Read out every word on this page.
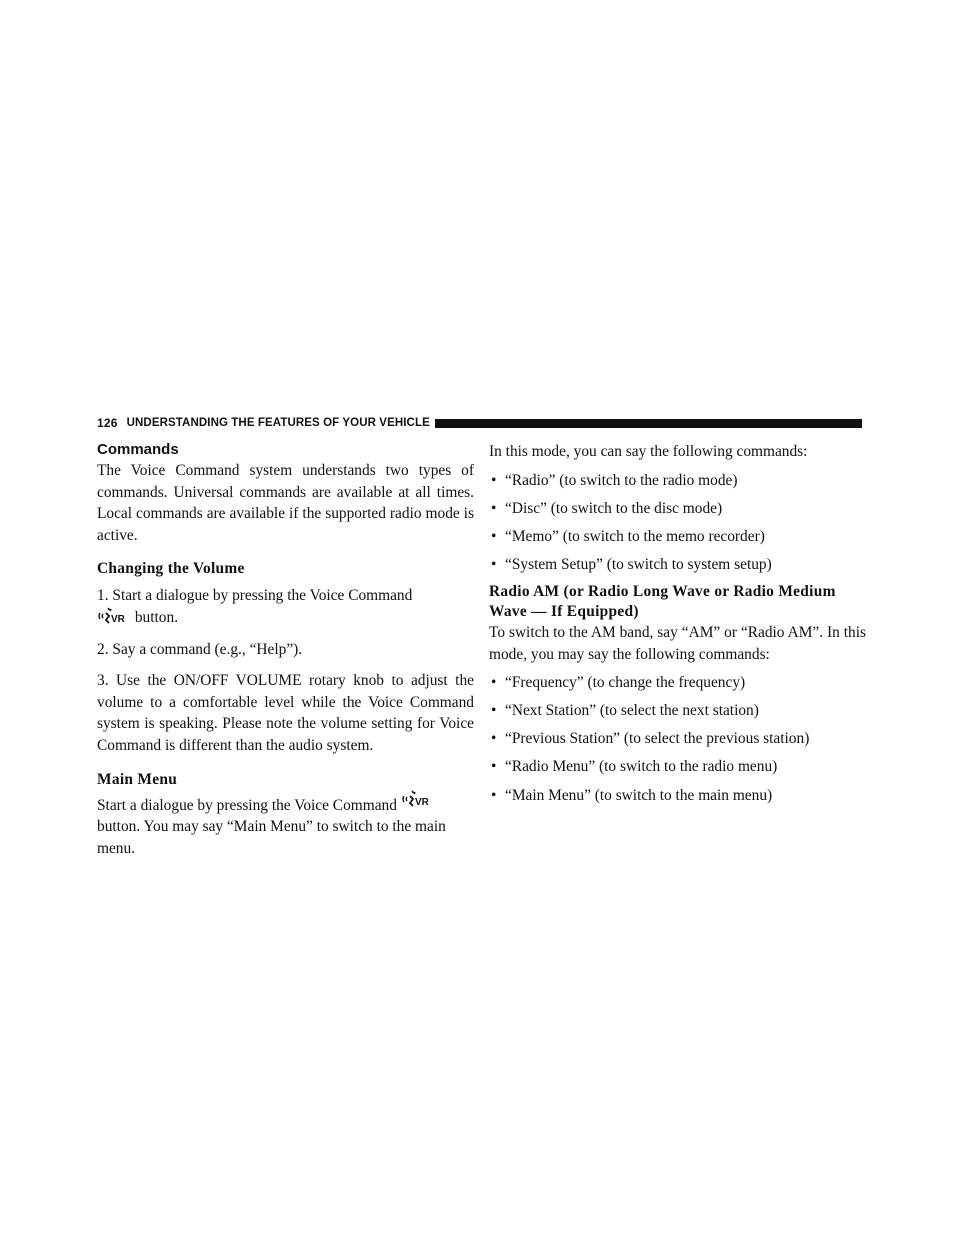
126 UNDERSTANDING THE FEATURES OF YOUR VEHICLE
Commands

The Voice Command system understands two types of commands. Universal commands are available at all times. Local commands are available if the supported radio mode is active.

Changing the Volume
1. Start a dialogue by pressing the Voice Command

VR button.
2. Say a command (e.g., “Help”).
3. Use the ON/OFF VOLUME rotary knob to adjust the volume to a comfortable level while the Voice Command system is speaking. Please note the volume setting for Voice Command is different than the audio system.
Main Menu

Start a dialogue by pressing the Voice Command VR
button. You may say “Main Menu” to switch to the main menu.

In this mode, you can say the following commands:

• “Radio” (to switch to the radio mode)
• “Disc” (to switch to the disc mode)
• “Memo” (to switch to the memo recorder)
• “System Setup” (to switch to system setup)
Radio AM (or Radio Long Wave or Radio Medium Wave — If Equipped)

To switch to the AM band, say “AM” or “Radio AM”. In this mode, you may say the following commands:

• “Frequency” (to change the frequency)
• “Next Station” (to select the next station)
• “Previous Station” (to select the previous station)
• “Radio Menu” (to switch to the radio menu)
• “Main Menu” (to switch to the main menu)
